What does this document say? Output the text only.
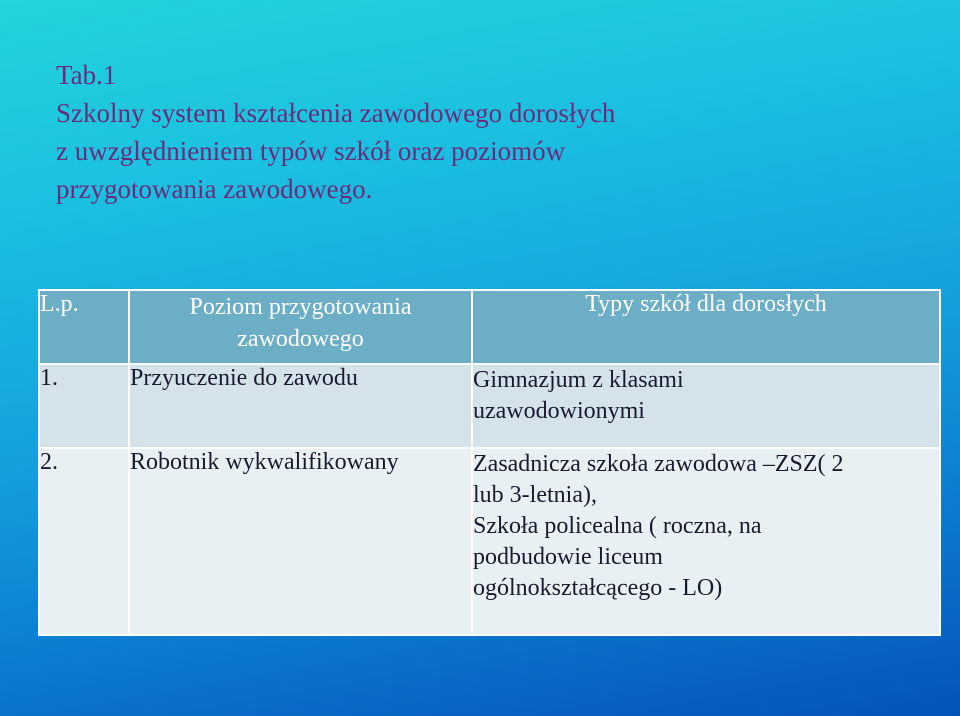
Tab.1
Szkolny system kształcenia zawodowego dorosłych
z uwzględnieniem typów szkół oraz poziomów
przygotowania zawodowego.
L.p.	Poziom przygotowania zawodowego	Typy szkół dla dorosłych
1.	Przyuczenie do zawodu	Gimnazjum z klasami
uzawodowionymi

2.	Robotnik wykwalifikowany	Zasadnicza szkoła zawodowa –ZSZ( 2
lub 3-letnia),
Szkoła policealna ( roczna, na
podbudowie liceum
ogólnokształcącego - LO)
